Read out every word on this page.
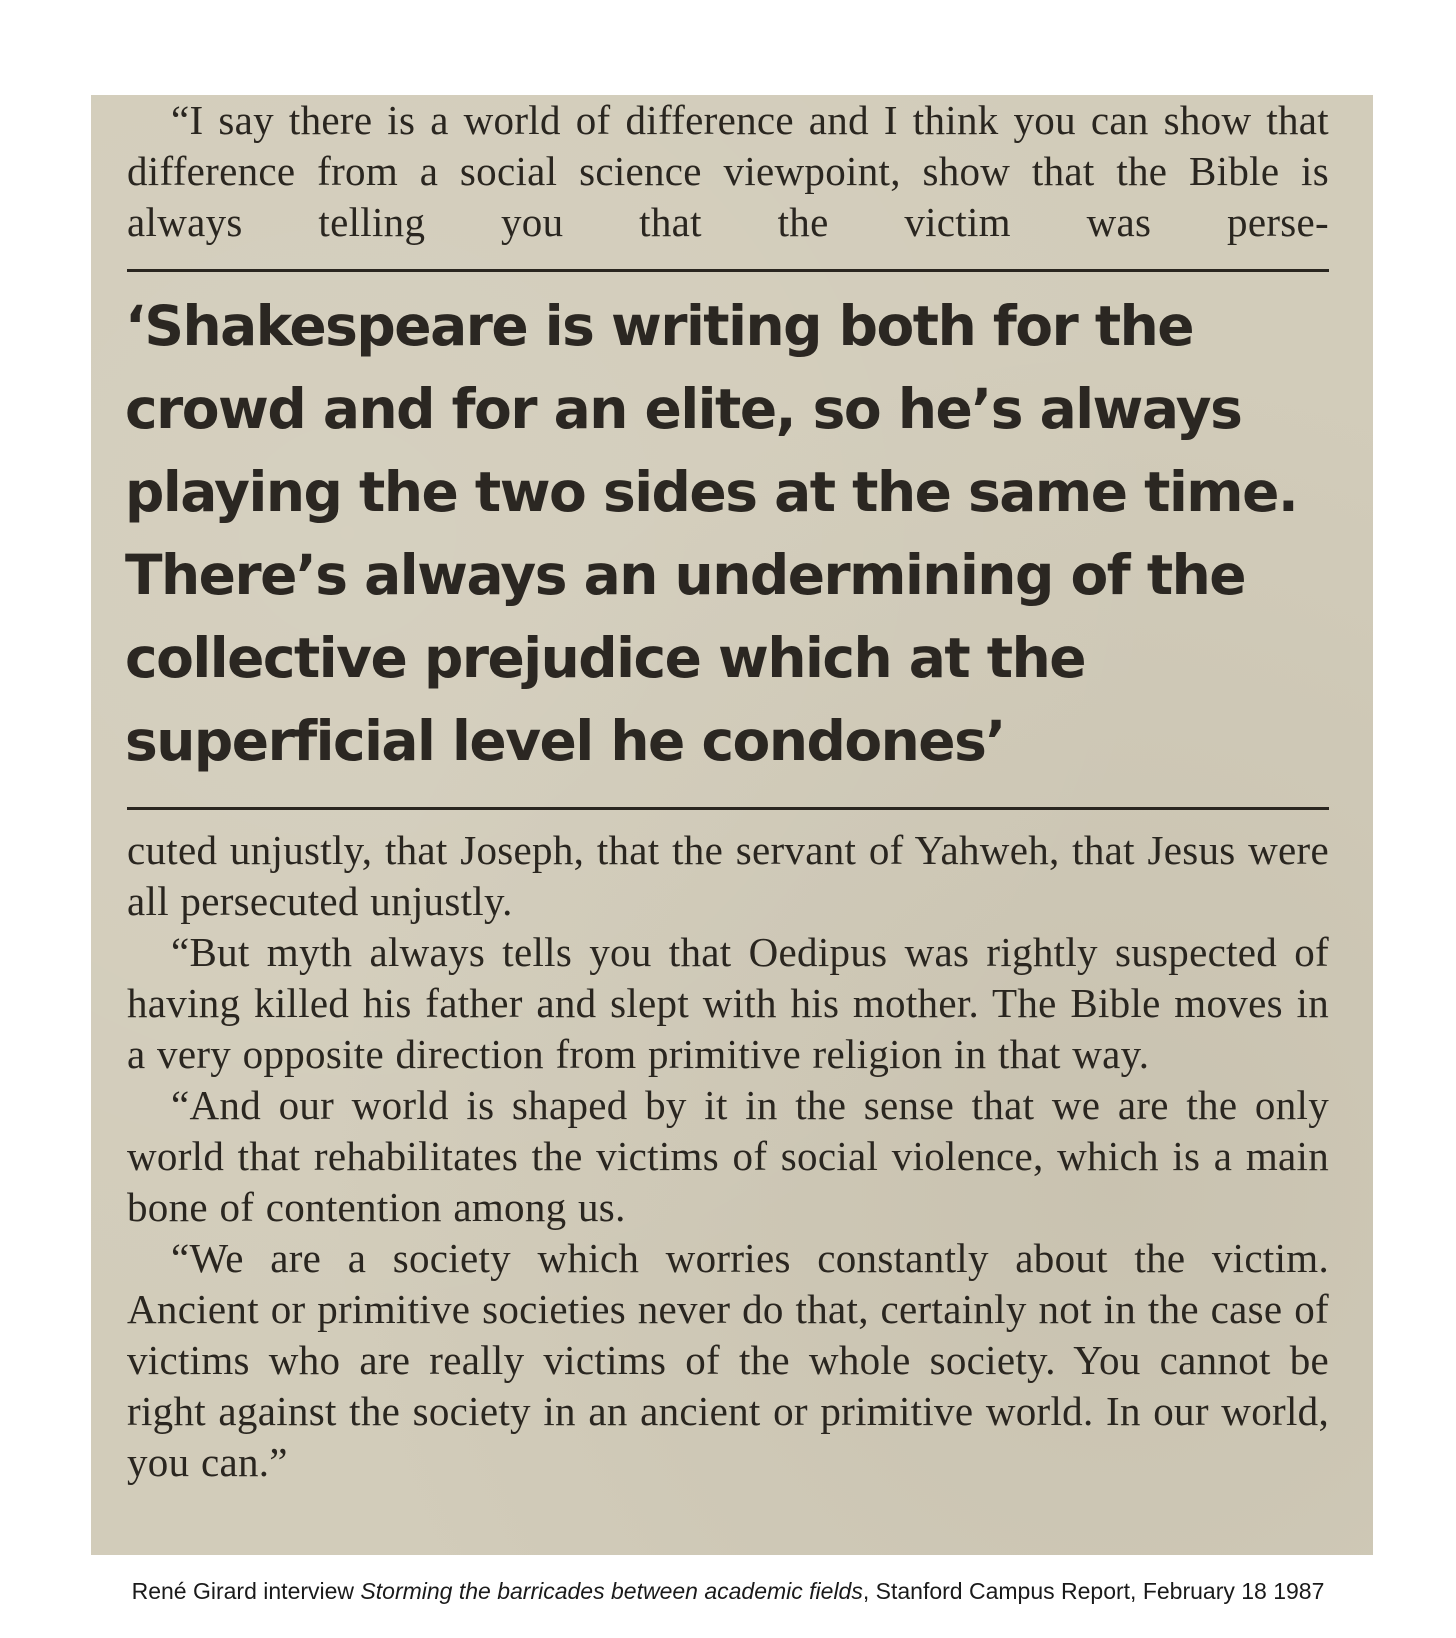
“I say there is a world of difference and I think you can show that difference from a social science viewpoint, show that the Bible is always telling you that the victim was perse-

‘Shakespeare is writing both for the crowd and for an elite, so he’s always playing the two sides at the same time. There’s always an undermining of the collective prejudice which at the superficial level he condones’

cuted unjustly, that Joseph, that the servant of Yahweh, that Jesus were all persecuted unjustly.

“But myth always tells you that Oedipus was rightly suspected of having killed his father and slept with his mother. The Bible moves in a very opposite direction from primitive religion in that way.

“And our world is shaped by it in the sense that we are the only world that rehabilitates the victims of social violence, which is a main bone of contention among us.

“We are a society which worries constantly about the victim. Ancient or primitive societies never do that, certainly not in the case of victims who are really victims of the whole society. You cannot be right against the society in an ancient or primitive world. In our world, you can.”

René Girard interview Storming the barricades between academic fields, Stanford Campus Report, February 18 1987
